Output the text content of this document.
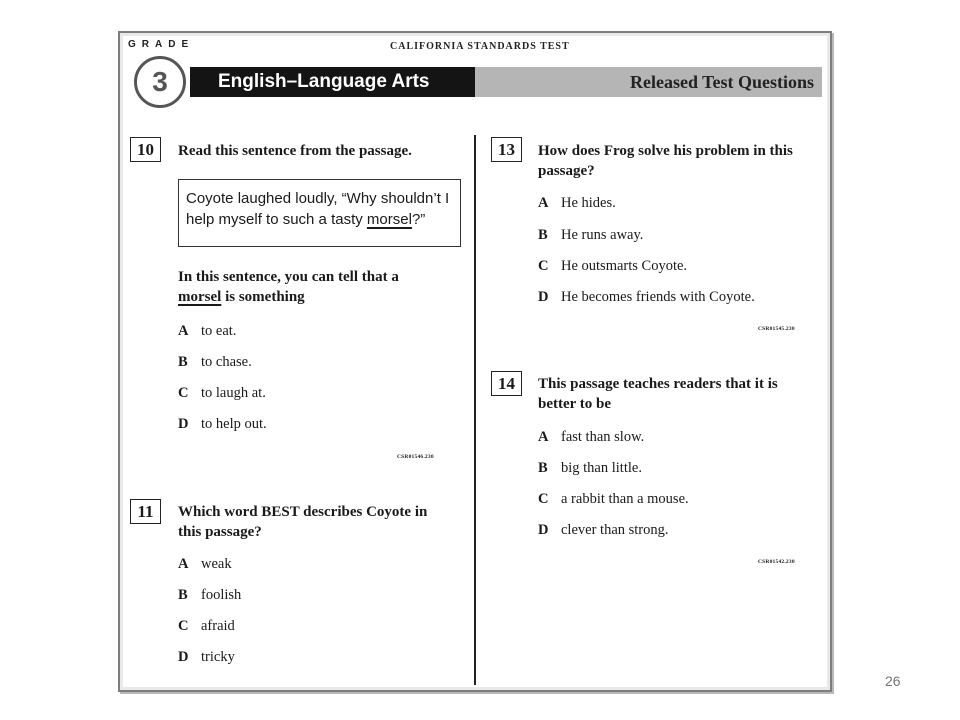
GRADE	CALIFORNIA STANDARDS TEST
3	English–Language Arts	Released Test Questions
10	Read this sentence from the passage.
Coyote laughed loudly, “Why shouldn’t I help myself to such a tasty morsel?”
In this sentence, you can tell that a
morsel is something
A to eat.
B to chase.
C to laugh at.
D to help out.
CSR01546.230
11	Which word BEST describes Coyote in
this passage?
A weak
B foolish
C afraid
D tricky
13	How does Frog solve his problem in this
passage?
A He hides.
B He runs away.
C He outsmarts Coyote.
D He becomes friends with Coyote.
CSR01545.230
14	This passage teaches readers that it is
better to be
A fast than slow.
B big than little.
C a rabbit than a mouse.
D clever than strong.
CSR01542.230
26
